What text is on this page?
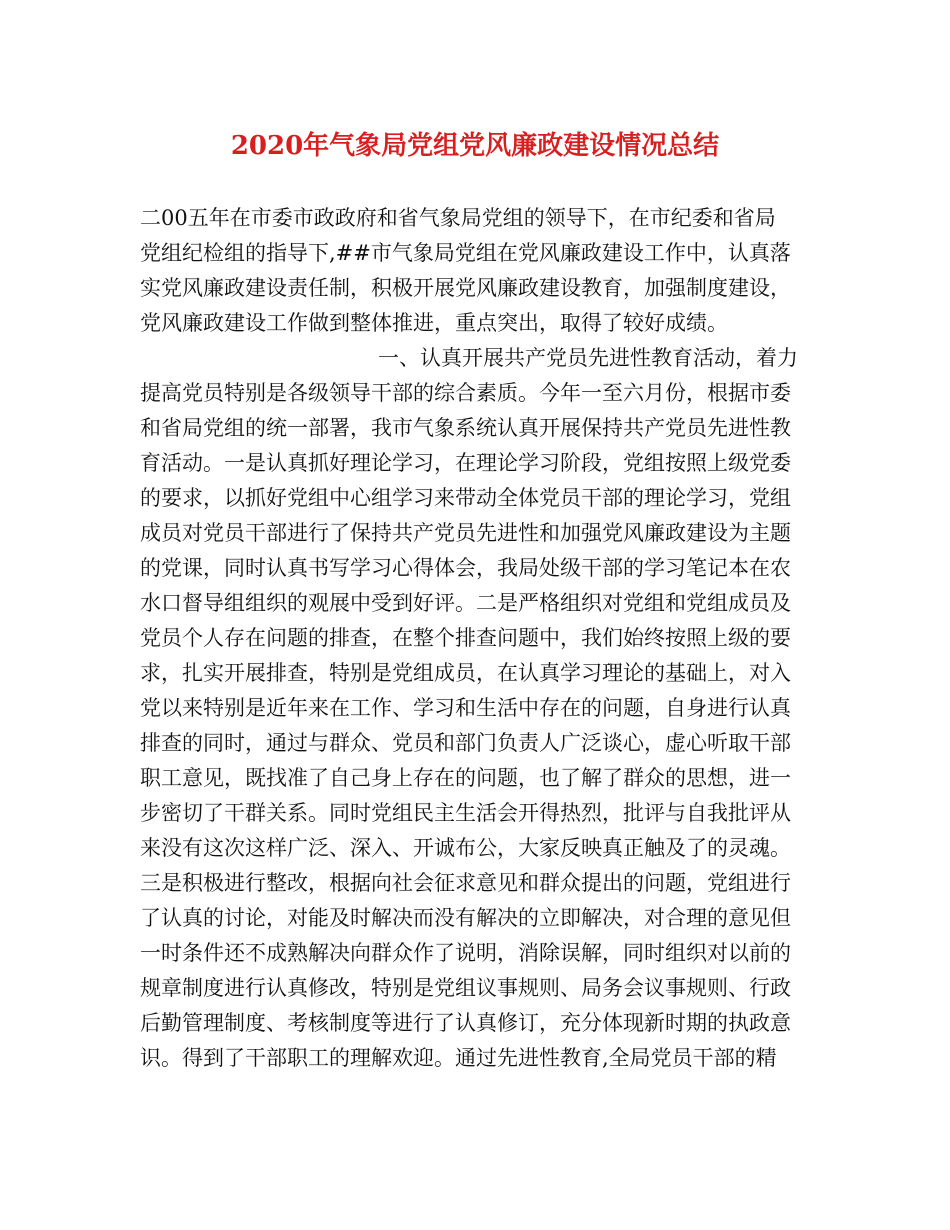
2020年气象局党组党风廉政建设情况总结
二00五年在市委市政政府和省气象局党组的领导下，在市纪委和省局
党组纪检组的指导下,##市气象局党组在党风廉政建设工作中，认真落
实党风廉政建设责任制，积极开展党风廉政建设教育，加强制度建设，
党风廉政建设工作做到整体推进，重点突出，取得了较好成绩。
一、认真开展共产党员先进性教育活动，着力
提高党员特别是各级领导干部的综合素质。今年一至六月份，根据市委
和省局党组的统一部署，我市气象系统认真开展保持共产党员先进性教
育活动。一是认真抓好理论学习，在理论学习阶段，党组按照上级党委
的要求，以抓好党组中心组学习来带动全体党员干部的理论学习，党组
成员对党员干部进行了保持共产党员先进性和加强党风廉政建设为主题
的党课，同时认真书写学习心得体会，我局处级干部的学习笔记本在农
水口督导组组织的观展中受到好评。二是严格组织对党组和党组成员及
党员个人存在问题的排查，在整个排查问题中，我们始终按照上级的要
求，扎实开展排查，特别是党组成员，在认真学习理论的基础上，对入
党以来特别是近年来在工作、学习和生活中存在的问题，自身进行认真
排查的同时，通过与群众、党员和部门负责人广泛谈心，虚心听取干部
职工意见，既找准了自己身上存在的问题，也了解了群众的思想，进一
步密切了干群关系。同时党组民主生活会开得热烈，批评与自我批评从
来没有这次这样广泛、深入、开诚布公，大家反映真正触及了的灵魂。
三是积极进行整改，根据向社会征求意见和群众提出的问题，党组进行
了认真的讨论，对能及时解决而没有解决的立即解决，对合理的意见但
一时条件还不成熟解决向群众作了说明，消除误解，同时组织对以前的
规章制度进行认真修改，特别是党组议事规则、局务会议事规则、行政
后勤管理制度、考核制度等进行了认真修订，充分体现新时期的执政意
识。得到了干部职工的理解欢迎。通过先进性教育,全局党员干部的精
